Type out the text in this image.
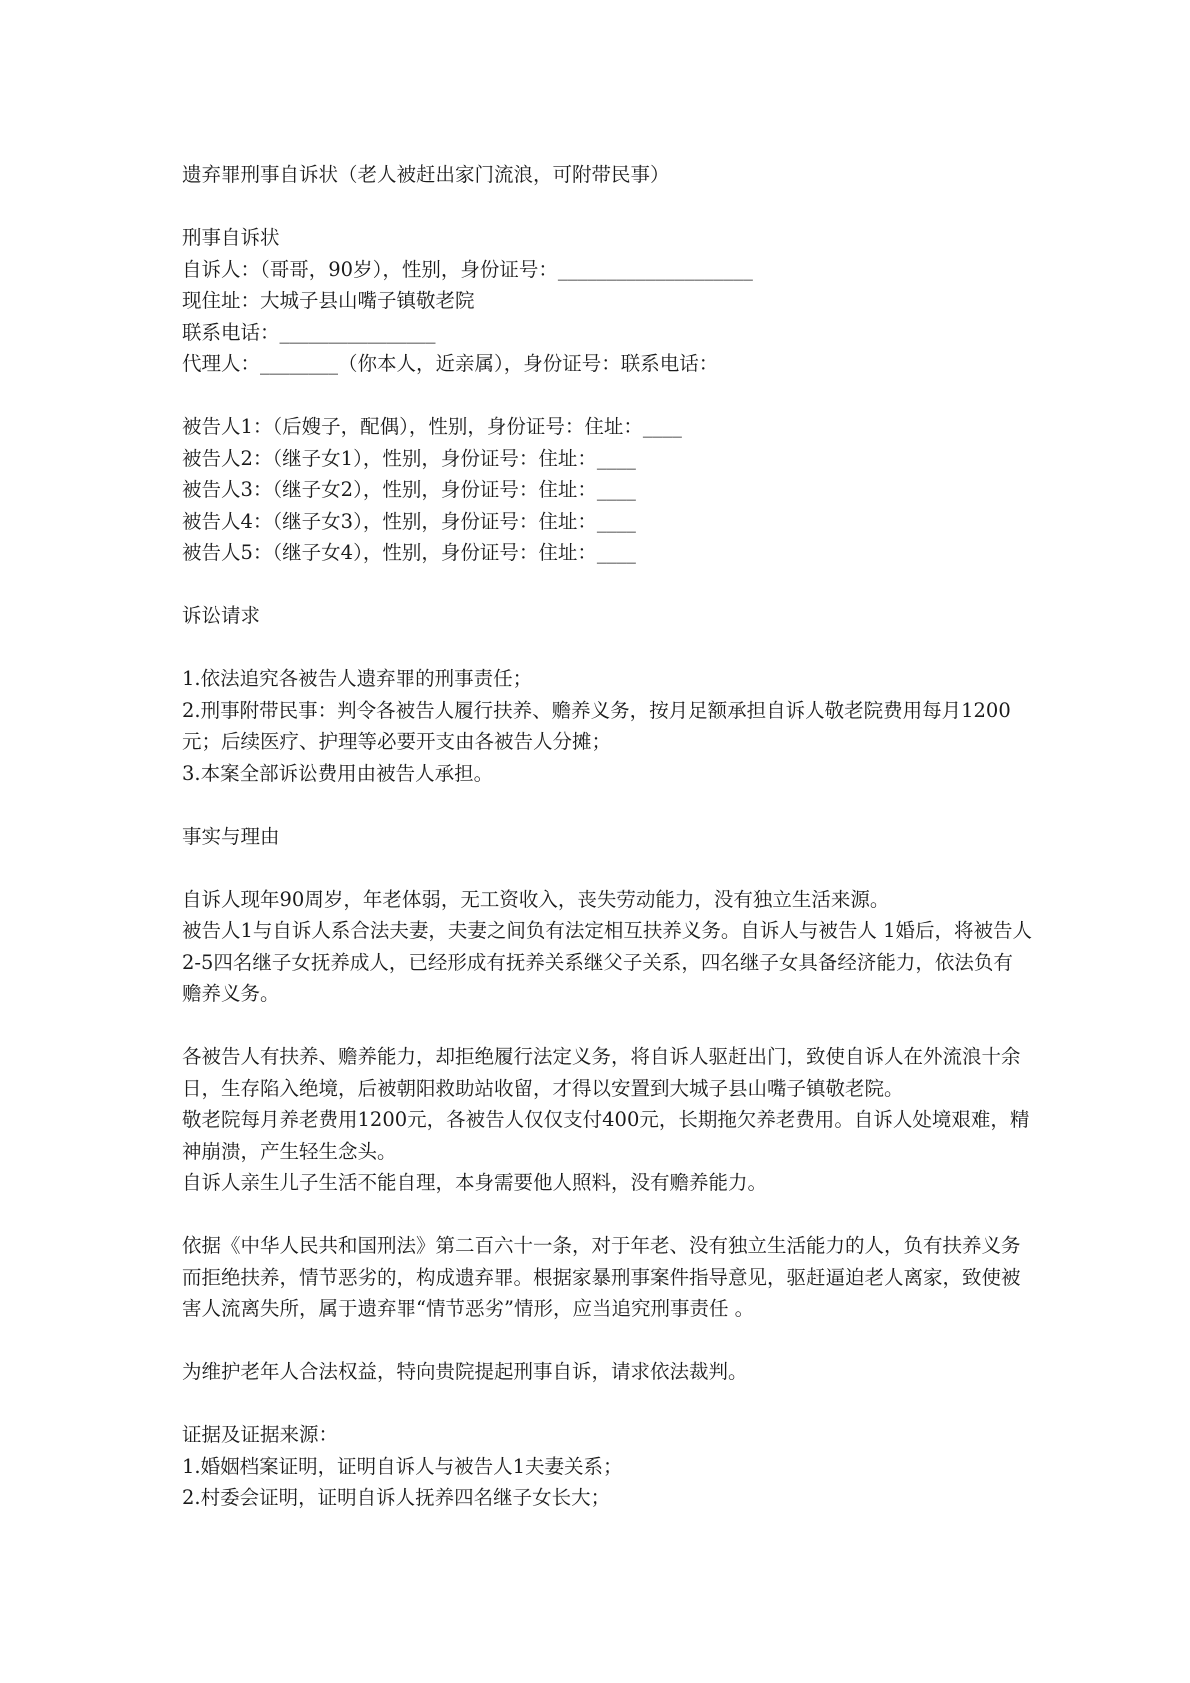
遗弃罪刑事自诉状（老人被赶出家门流浪，可附带民事）

刑事自诉状

自诉人：（哥哥，90岁），性别，身份证号：____________________

现住址：大城子县山嘴子镇敬老院

联系电话：________________

代理人：________（你本人，近亲属），身份证号：联系电话：

被告人1：（后嫂子，配偶），性别，身份证号：住址：____

被告人2：（继子女1），性别，身份证号：住址：____

被告人3：（继子女2），性别，身份证号：住址：____

被告人4：（继子女3），性别，身份证号：住址：____

被告人5：（继子女4），性别，身份证号：住址：____

诉讼请求

1.依法追究各被告人遗弃罪的刑事责任；

2.刑事附带民事：判令各被告人履行扶养、赡养义务，按月足额承担自诉人敬老院费用每月1200元；后续医疗、护理等必要开支由各被告人分摊；

3.本案全部诉讼费用由被告人承担。

事实与理由

自诉人现年90周岁，年老体弱，无工资收入，丧失劳动能力，没有独立生活来源。

被告人1与自诉人系合法夫妻，夫妻之间负有法定相互扶养义务。自诉人与被告人 1婚后，将被告人2-5四名继子女抚养成人，已经形成有抚养关系继父子关系，四名继子女具备经济能力，依法负有赡养义务。

各被告人有扶养、赡养能力，却拒绝履行法定义务，将自诉人驱赶出门，致使自诉人在外流浪十余日，生存陷入绝境，后被朝阳救助站收留，才得以安置到大城子县山嘴子镇敬老院。

敬老院每月养老费用1200元，各被告人仅仅支付400元，长期拖欠养老费用。自诉人处境艰难，精神崩溃，产生轻生念头。

自诉人亲生儿子生活不能自理，本身需要他人照料，没有赡养能力。

依据《中华人民共和国刑法》第二百六十一条，对于年老、没有独立生活能力的人，负有扶养义务而拒绝扶养，情节恶劣的，构成遗弃罪。根据家暴刑事案件指导意见，驱赶逼迫老人离家，致使被害人流离失所，属于遗弃罪“情节恶劣”情形，应当追究刑事责任 。

为维护老年人合法权益，特向贵院提起刑事自诉，请求依法裁判。

证据及证据来源：

1.婚姻档案证明，证明自诉人与被告人1夫妻关系；

2.村委会证明，证明自诉人抚养四名继子女长大；
